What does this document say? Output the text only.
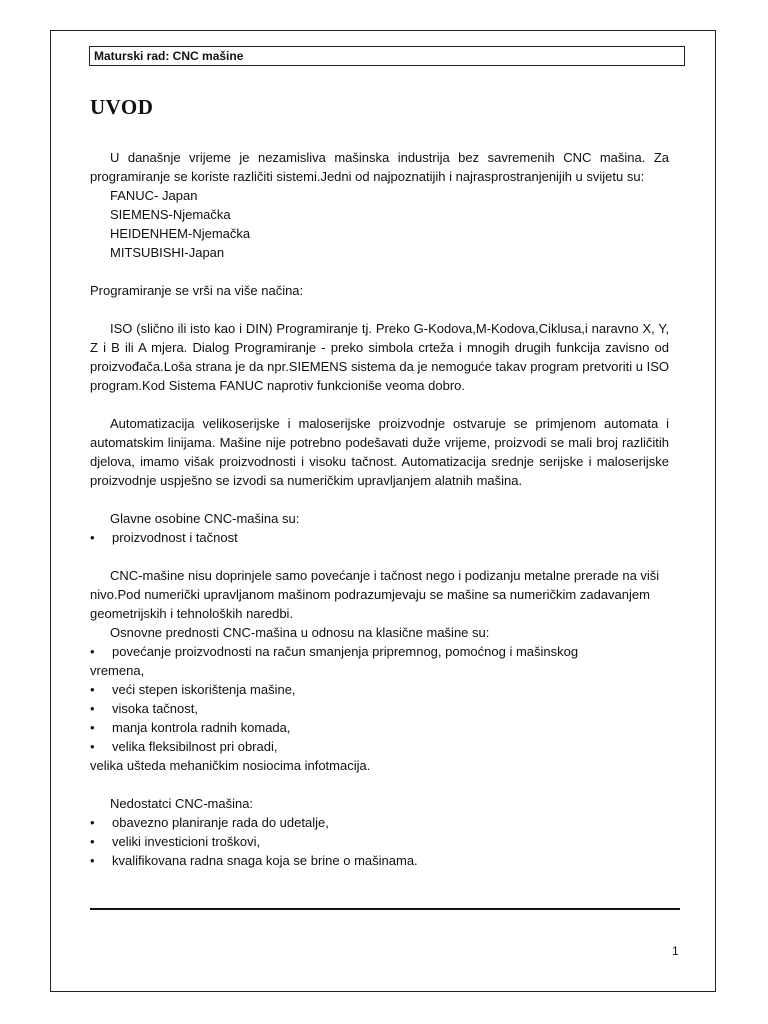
Maturski rad: CNC mašine
UVOD

U današnje vrijeme je nezamisliva mašinska industrija bez savremenih CNC mašina. Za programiranje se koriste različiti sistemi.Jedni od najpoznatijih i najrasprostranjenijih u svijetu su:

FANUC- Japan

SIEMENS-Njemačka

HEIDENHEM-Njemačka

MITSUBISHI-Japan

Programiranje se vrši na više načina:

ISO (slično ili isto kao i DIN) Programiranje tj. Preko G-Kodova,M-Kodova,Ciklusa,i naravno X, Y, Z i B ili A mjera. Dialog Programiranje - preko simbola crteža i mnogih drugih funkcija zavisno od proizvođača.Loša strana je da npr.SIEMENS sistema da je nemoguće takav program pretvoriti u ISO program.Kod Sistema FANUC naprotiv funkcioniše veoma dobro.

Automatizacija velikoserijske i maloserijske proizvodnje ostvaruje se primjenom automata i automatskim linijama. Mašine nije potrebno podešavati duže vrijeme, proizvodi se mali broj različitih djelova, imamo višak proizvodnosti i visoku tačnost. Automatizacija srednje serijske i maloserijske proizvodnje uspješno se izvodi sa numeričkim upravljanjem alatnih mašina.

Glavne osobine CNC-mašina su:

•	proizvodnost i tačnost

CNC-mašine nisu doprinjele samo povećanje i tačnost nego i podizanju metalne prerade na viši nivo.Pod numerički upravljanom mašinom podrazumjevaju se mašine sa numeričkim zadavanjem geometrijskih i tehnoloških naredbi.

Osnovne prednosti CNC-mašina u odnosu na klasične mašine su:

•	povećanje proizvodnosti na račun smanjenja pripremnog, pomoćnog i mašinskog

vremena,

•	veći stepen iskorištenja mašine,
•	visoka tačnost,
•	manja kontrola radnih komada,
•	velika fleksibilnost pri obradi,

velika ušteda mehaničkim nosiocima infotmacija.

Nedostatci CNC-mašina:

•	obavezno planiranje rada do udetalje,
•	veliki investicioni troškovi,
•	kvalifikovana radna snaga koja se brine o mašinama.
1
